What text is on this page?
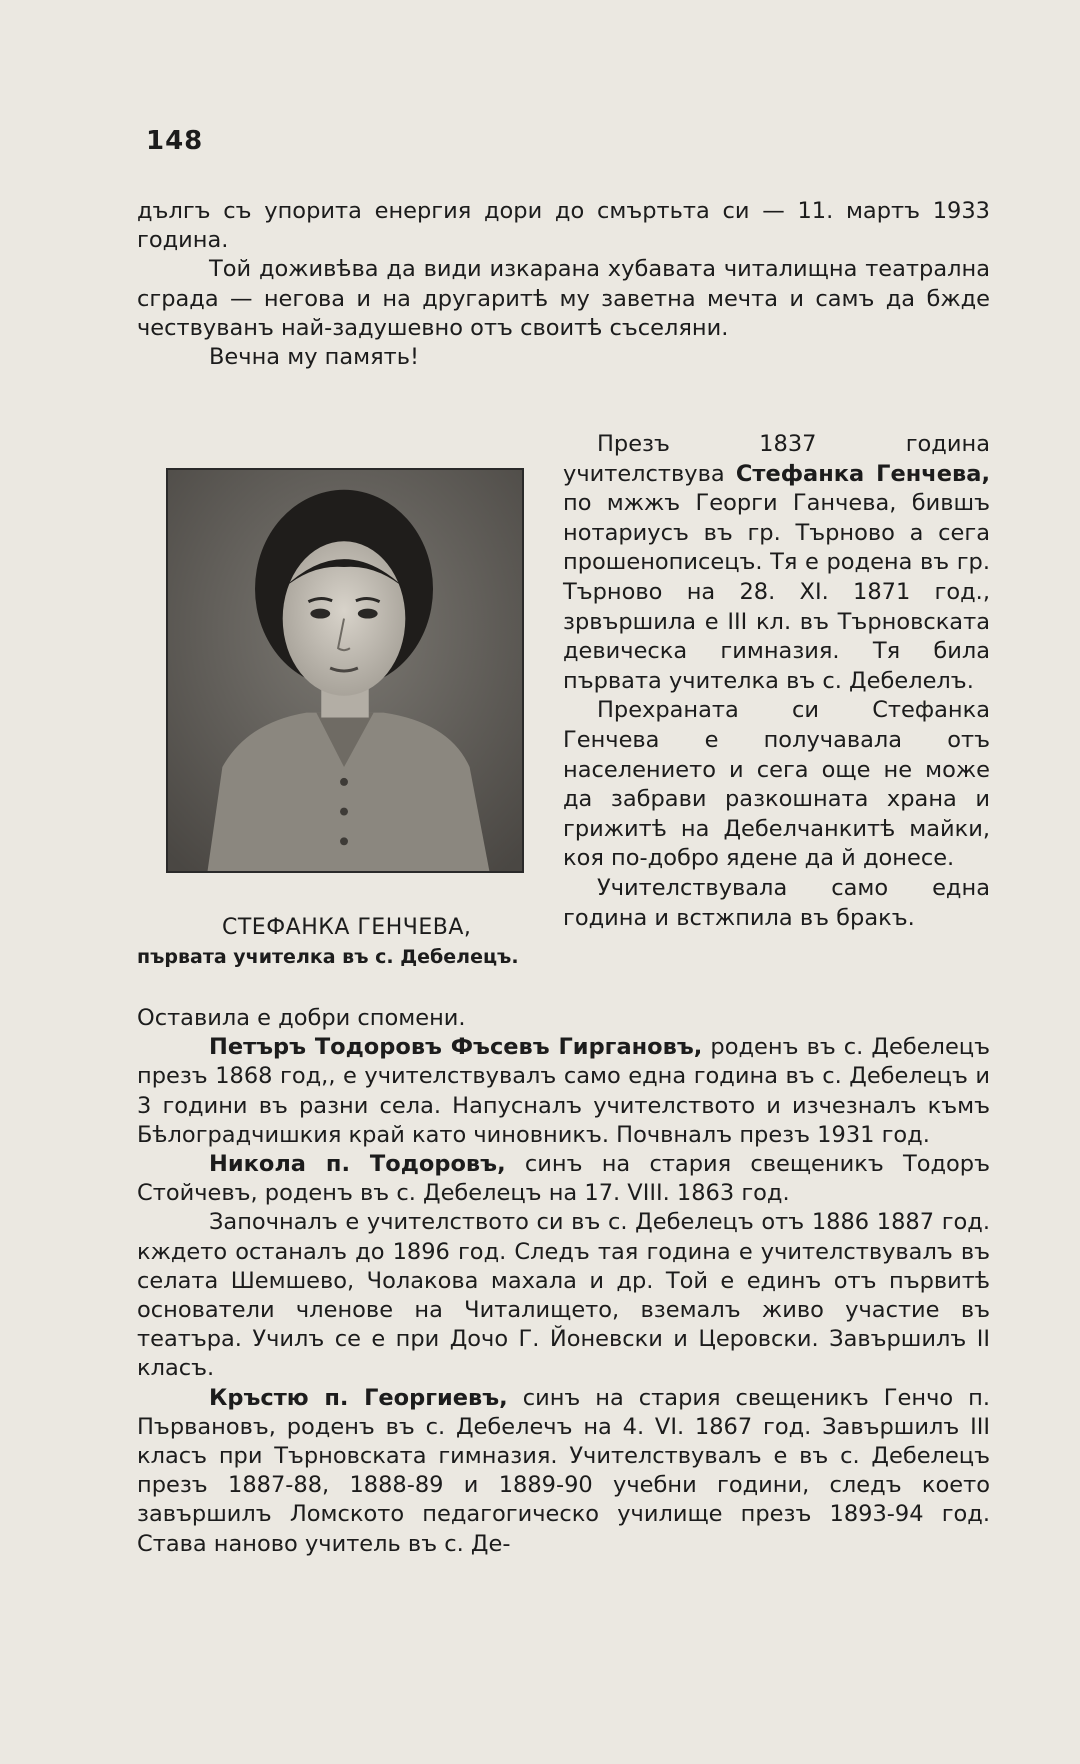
148

дългъ съ упорита енергия дори до смъртьта си — 11. мартъ 1933 година.

Той доживѣва да види изкарана хубавата читалищна театрална сграда — негова и на другаритѣ му заветна мечта и самъ да бжде чествуванъ най-задушевно отъ своитѣ съселяни.

Вечна му память!

СТЕФАНКА ГЕНЧЕВА,
първата учителка въ с. Дебелецъ.

Презъ 1837 година учителствува Стефанка Генчева, по мжжъ Георги Ганчева, бившъ нотариусъ въ гр. Търново а сега прошенописецъ. Тя е родена въ гр. Търново на 28. XI. 1871 год., зрвършила е III кл. въ Търновската девическа гимназия. Тя била първата учителка въ с. Дебелелъ.

Прехраната си Стефанка Генчева е получавала отъ населението и сега още не може да забрави разкошната храна и грижитѣ на Дебелчанкитѣ майки, коя по-добро ядене да й донесе.

Учителствувала само една година и встжпила въ бракъ.

Оставила е добри спомени.

Петъръ Тодоровъ Фъсевъ Гиргановъ, роденъ въ с. Дебелецъ презъ 1868 год,, е учителствувалъ само една година въ с. Дебелецъ и 3 години въ разни села. Напусналъ учителството и изчезналъ къмъ Бѣлоградчишкия край като чиновникъ. Почвналъ презъ 1931 год.

Никола п. Тодоровъ, синъ на стария свещеникъ Тодоръ Стойчевъ, роденъ въ с. Дебелецъ на 17. VIII. 1863 год.

Започналъ е учителството си въ с. Дебелецъ отъ 1886 1887 год. кждето останалъ до 1896 год. Следъ тая година е учителствувалъ въ селата Шемшево, Чолакова махала и др. Той е единъ отъ първитѣ основатели членове на Читалището, вземалъ живо участие въ театъра. Училъ се е при Дочо Г. Йоневски и Церовски. Завършилъ II класъ.

Кръстю п. Георгиевъ, синъ на стария свещеникъ Генчо п. Първановъ, роденъ въ с. Дебелечъ на 4. VI. 1867 год. Завършилъ III класъ при Търновската гимназия. Учителствувалъ е въ с. Дебелецъ презъ 1887-88, 1888-89 и 1889-90 учебни години, следъ което завършилъ Ломското педагогическо училище презъ 1893-94 год. Става наново учитель въ с. Де-
